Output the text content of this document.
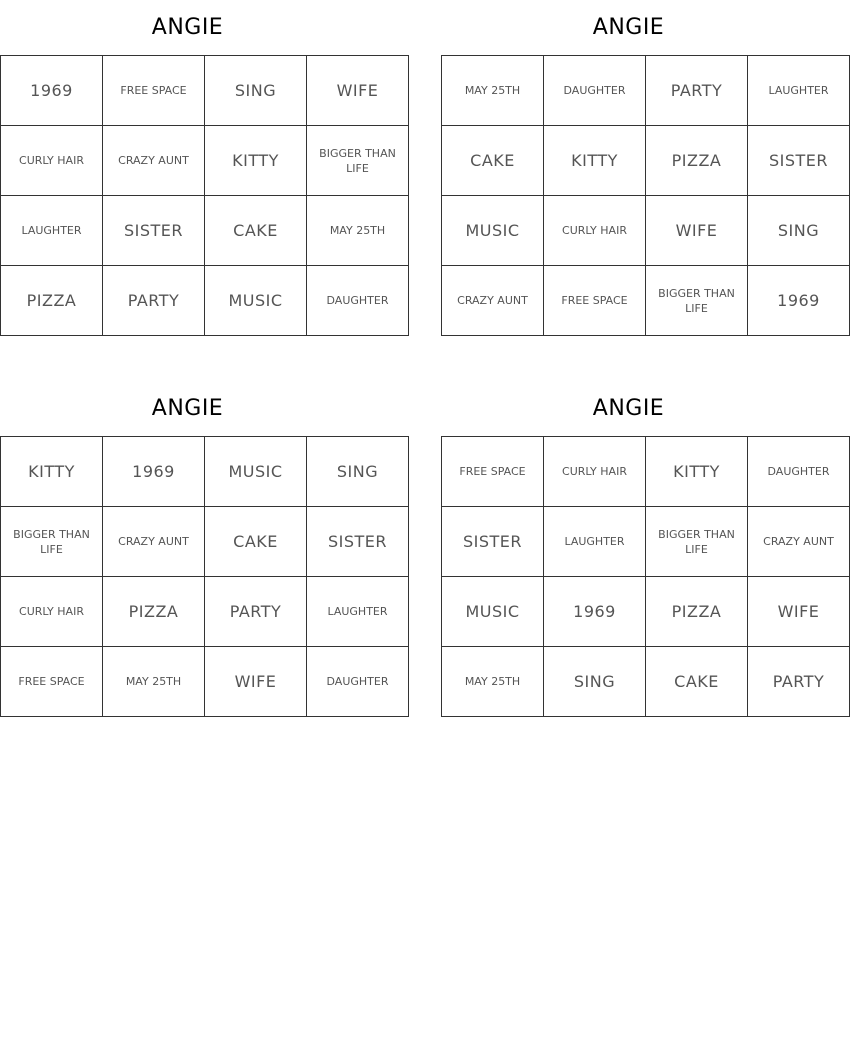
ANGIE
1969	FREE SPACE	SING	WIFE
CURLY HAIR	CRAZY AUNT	KITTY	BIGGER THAN LIFE
LAUGHTER	SISTER	CAKE	MAY 25TH
PIZZA	PARTY	MUSIC	DAUGHTER
ANGIE
MAY 25TH	DAUGHTER	PARTY	LAUGHTER
CAKE	KITTY	PIZZA	SISTER
MUSIC	CURLY HAIR	WIFE	SING
CRAZY AUNT	FREE SPACE	BIGGER THAN LIFE	1969
ANGIE
KITTY	1969	MUSIC	SING
BIGGER THAN LIFE	CRAZY AUNT	CAKE	SISTER
CURLY HAIR	PIZZA	PARTY	LAUGHTER
FREE SPACE	MAY 25TH	WIFE	DAUGHTER
ANGIE
FREE SPACE	CURLY HAIR	KITTY	DAUGHTER
SISTER	LAUGHTER	BIGGER THAN LIFE	CRAZY AUNT
MUSIC	1969	PIZZA	WIFE
MAY 25TH	SING	CAKE	PARTY
